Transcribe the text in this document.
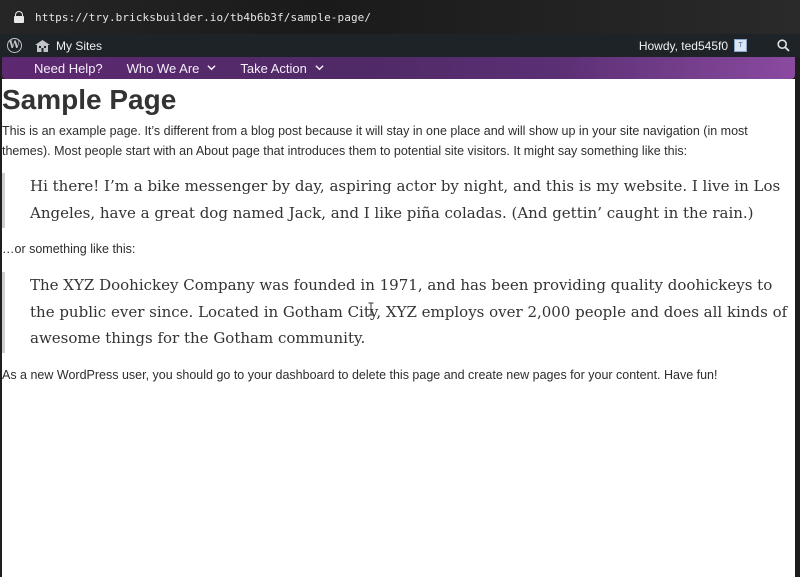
https://try.bricksbuilder.io/tb4b6b3f/sample-page/
W	My Sites	Howdy, ted545f0	T
Need Help? Who We Are	Take Action
Sample Page

This is an example page. It’s different from a blog post because it will stay in one place and will show up in your site navigation (in most themes). Most people start with an About page that introduces them to potential site visitors. It might say something like this:

Hi there! I’m a bike messenger by day, aspiring actor by night, and this is my website. I live in Los Angeles, have a great dog named Jack, and I like piña coladas. (And gettin’ caught in the rain.)

…or something like this:

The XYZ Doohickey Company was founded in 1971, and has been providing quality doohickeys to the public ever since. Located in Gotham City, XYZ employs over 2,000 people and does all kinds of awesome things for the Gotham community.

As a new WordPress user, you should go to your dashboard to delete this page and create new pages for your content. Have fun!
